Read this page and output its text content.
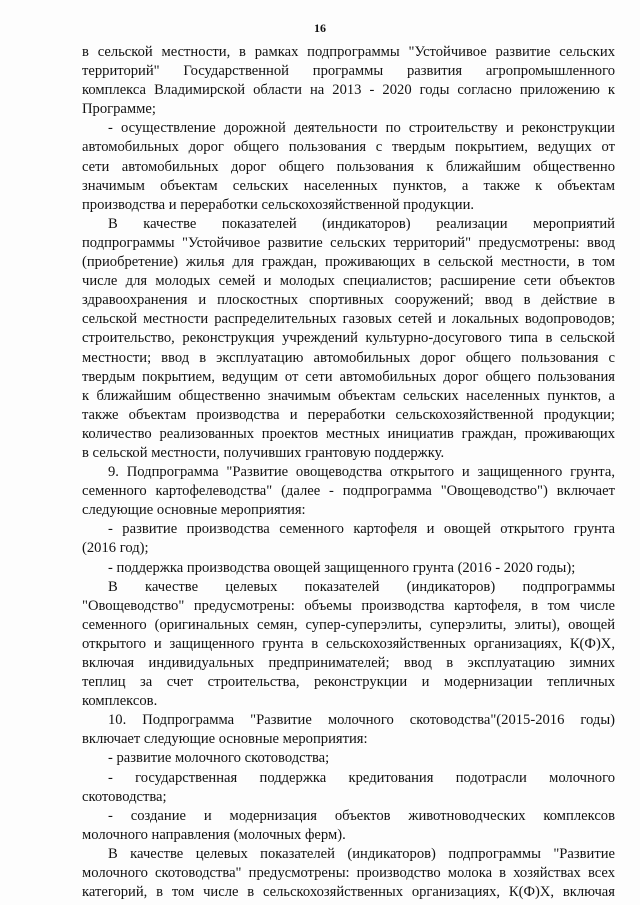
16

в сельской местности, в рамках подпрограммы "Устойчивое развитие сельских

территорий" Государственной программы развития агропромышленного

комплекса Владимирской области на 2013 - 2020 годы согласно приложению к

Программе;

- осуществление дорожной деятельности по строительству и реконструкции

автомобильных дорог общего пользования с твердым покрытием, ведущих от

сети автомобильных дорог общего пользования к ближайшим общественно

значимым объектам сельских населенных пунктов, а также к объектам

производства и переработки сельскохозяйственной продукции.

В качестве показателей (индикаторов) реализации мероприятий

подпрограммы "Устойчивое развитие сельских территорий" предусмотрены: ввод

(приобретение) жилья для граждан, проживающих в сельской местности, в том

числе для молодых семей и молодых специалистов; расширение сети объектов

здравоохранения и плоскостных спортивных сооружений; ввод в действие в

сельской местности распределительных газовых сетей и локальных водопроводов;

строительство, реконструкция учреждений культурно-досугового типа в сельской

местности; ввод в эксплуатацию автомобильных дорог общего пользования с

твердым покрытием, ведущим от сети автомобильных дорог общего пользования

к ближайшим общественно значимым объектам сельских населенных пунктов, а

также объектам производства и переработки сельскохозяйственной продукции;

количество реализованных проектов местных инициатив граждан, проживающих

в сельской местности, получивших грантовую поддержку.

9. Подпрограмма "Развитие овощеводства открытого и защищенного грунта,

семенного картофелеводства" (далее - подпрограмма "Овощеводство") включает

следующие основные мероприятия:

- развитие производства семенного картофеля и овощей открытого грунта

(2016 год);

- поддержка производства овощей защищенного грунта (2016 - 2020 годы);

В качестве целевых показателей (индикаторов) подпрограммы

"Овощеводство" предусмотрены: объемы производства картофеля, в том числе

семенного (оригинальных семян, супер-суперэлиты, суперэлиты, элиты), овощей

открытого и защищенного грунта в сельскохозяйственных организациях, К(Ф)Х,

включая индивидуальных предпринимателей; ввод в эксплуатацию зимних

теплиц за счет строительства, реконструкции и модернизации тепличных

комплексов.

10. Подпрограмма "Развитие молочного скотоводства"(2015-2016 годы)

включает следующие основные мероприятия:

- развитие молочного скотоводства;

- государственная поддержка кредитования подотрасли молочного

скотоводства;

- создание и модернизация объектов животноводческих комплексов

молочного направления (молочных ферм).

В качестве целевых показателей (индикаторов) подпрограммы "Развитие

молочного скотоводства" предусмотрены: производство молока в хозяйствах всех

категорий, в том числе в сельскохозяйственных организациях, К(Ф)Х, включая
